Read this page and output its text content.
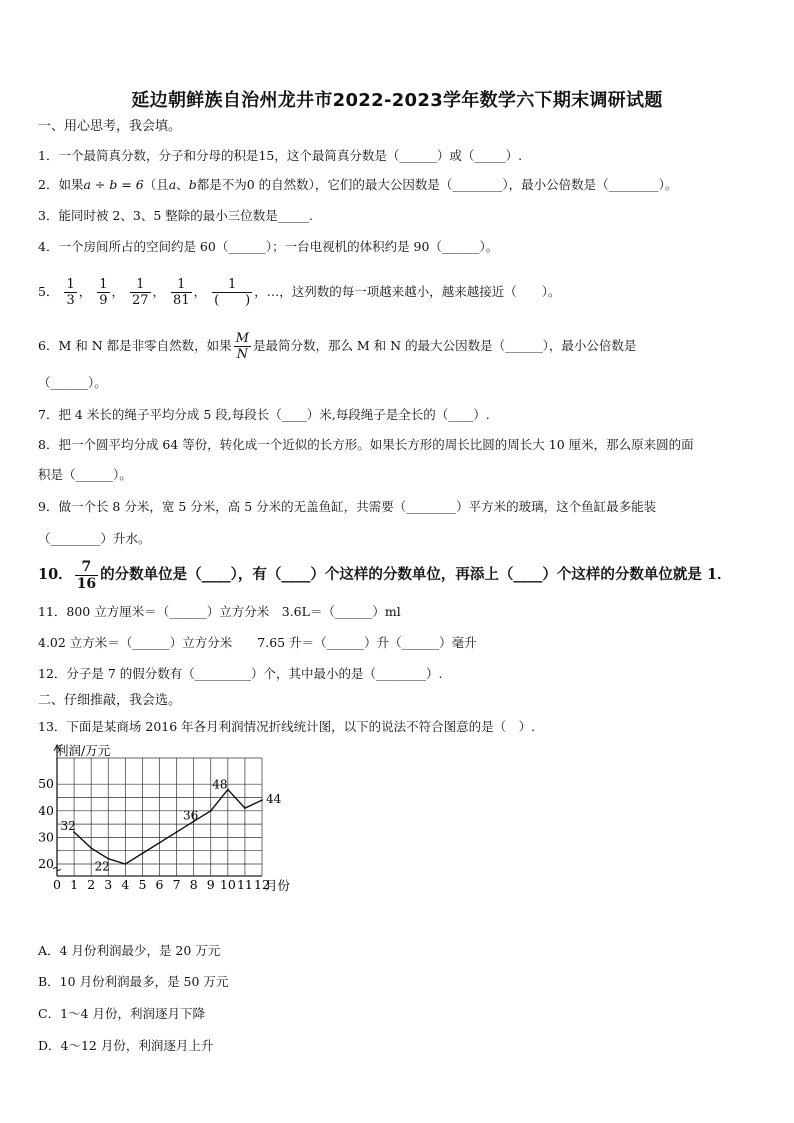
延边朝鲜族自治州龙井市2022-2023学年数学六下期末调研试题
一、用心思考，我会填。
1．一个最简真分数，分子和分母的积是15，这个最简真分数是（______）或（_____）.
2．如果a ÷ b = 6（且a、b都是不为0 的自然数），它们的最大公因数是（________），最小公倍数是（________）。
3．能同时被 2、3、5 整除的最小三位数是_____.
4．一个房间所占的空间约是 60（______）；一台电视机的体积约是 90（______）。
5． $\frac{1}{3}$ ， $\frac{1}{9}$ ， $\frac{1}{27}$ ， $\frac{1}{81}$ ， $\frac{1}{( )}$ ，…，这列数的每一项越来越小，越来越接近（　　）。
6．M 和 N 都是非零自然数，如果 $\frac{M}{N}$ 是最简分数，那么 M 和 N 的最大公因数是（______），最小公倍数是
（______）。
7．把 4 米长的绳子平均分成 5 段,每段长（____）米,每段绳子是全长的（____）.
8．把一个圆平均分成 64 等份，转化成一个近似的长方形。如果长方形的周长比圆的周长大 10 厘米，那么原来圆的面
积是（______）。
9．做一个长 8 分米，宽 5 分米，高 5 分米的无盖鱼缸，共需要（________）平方米的玻璃，这个鱼缸最多能装
（________）升水。
10． $\frac{7}{16}$ 的分数单位是（____），有（____）个这样的分数单位，再添上（____）个这样的分数单位就是 1．
11．800 立方厘米＝（______）立方分米　3.6L＝（______）ml
4.02 立方米＝（______）立方分米　　7.65 升＝（______）升（______）毫升
12．分子是 7 的假分数有（_________）个，其中最小的是（________）.
二、仔细推敲，我会选。
13．下面是某商场 2016 年各月利润情况折线统计图，以下的说法不符合图意的是（　）.
利润/万元
月份
20
30
40
50
0 1 2 3 4 5 6 7 8 9 10 11 12
32
22
36
48
44
A．4 月份利润最少，是 20 万元
B．10 月份利润最多，是 50 万元
C．1～4 月份，利润逐月下降
D．4～12 月份，利润逐月上升
